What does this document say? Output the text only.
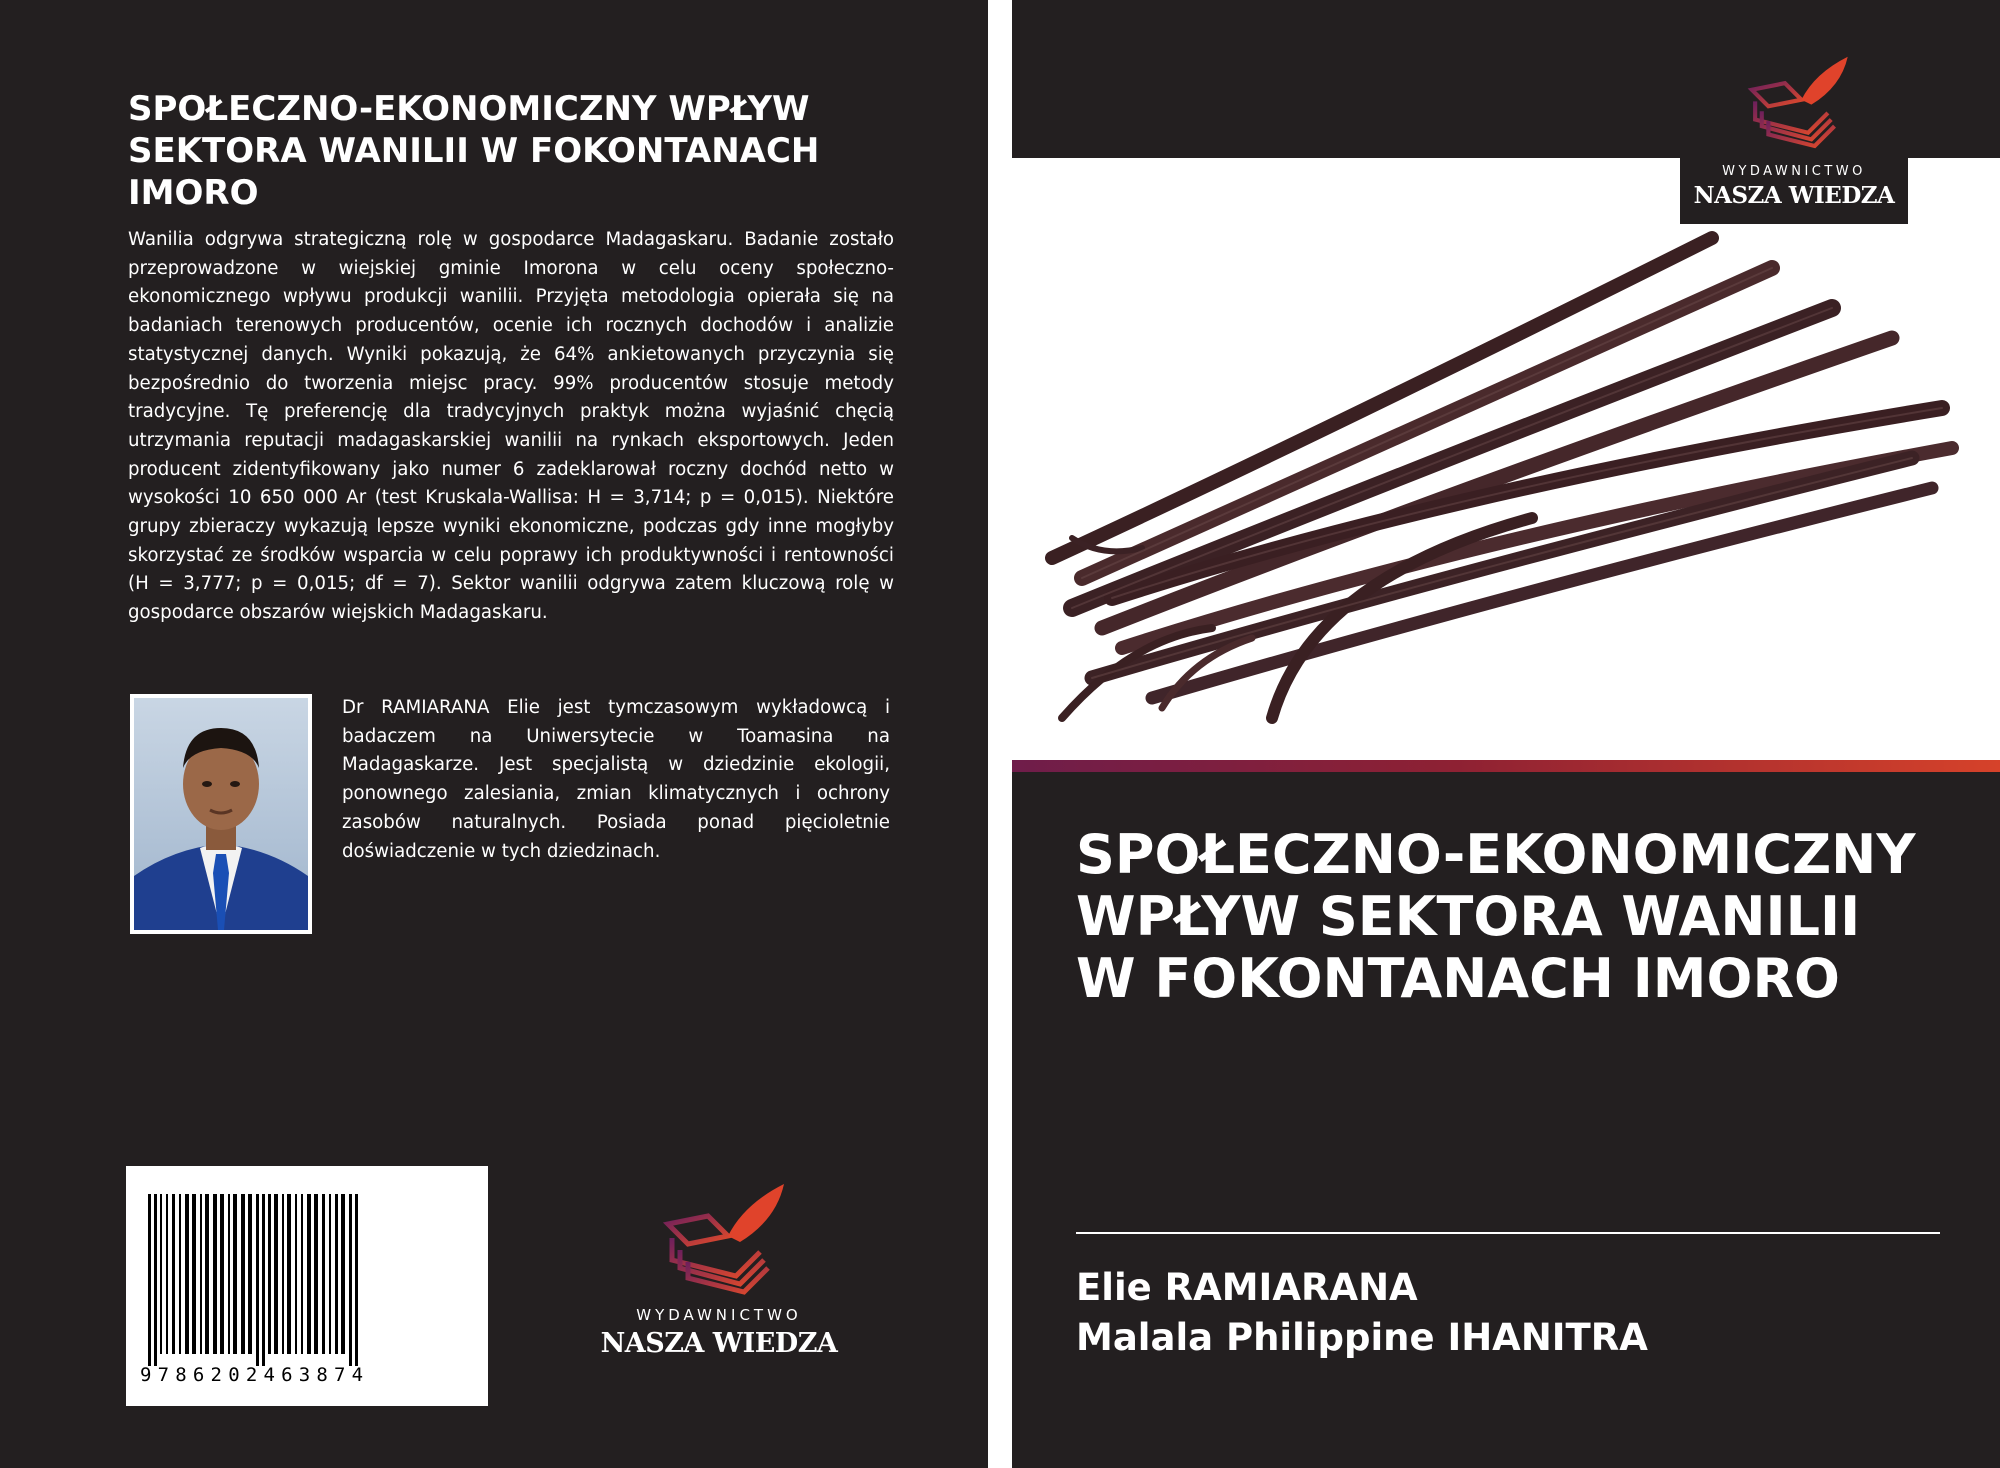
SPOŁECZNO-EKONOMICZNY WPŁYW SEKTORA WANILII W FOKONTANACH IMORO

Wanilia odgrywa strategiczną rolę w gospodarce Madagaskaru. Badanie zostało przeprowadzone w wiejskiej gminie Imorona w celu oceny społeczno-ekonomicznego wpływu produkcji wanilii. Przyjęta metodologia opierała się na badaniach terenowych producentów, ocenie ich rocznych dochodów i analizie statystycznej danych. Wyniki pokazują, że 64% ankietowanych przyczynia się bezpośrednio do tworzenia miejsc pracy. 99% producentów stosuje metody tradycyjne. Tę preferencję dla tradycyjnych praktyk można wyjaśnić chęcią utrzymania reputacji madagaskarskiej wanilii na rynkach eksportowych. Jeden producent zidentyfikowany jako numer 6 zadeklarował roczny dochód netto w wysokości 10 650 000 Ar (test Kruskala-Wallisa: H = 3,714; p = 0,015). Niektóre grupy zbieraczy wykazują lepsze wyniki ekonomiczne, podczas gdy inne mogłyby skorzystać ze środków wsparcia w celu poprawy ich produktywności i rentowności (H = 3,777; p = 0,015; df = 7). Sektor wanilii odgrywa zatem kluczową rolę w gospodarce obszarów wiejskich Madagaskaru.

Dr RAMIARANA Elie jest tymczasowym wykładowcą i badaczem na Uniwersytecie w Toamasina na Madagaskarze. Jest specjalistą w dziedzinie ekologii, ponownego zalesiania, zmian klimatycznych i ochrony zasobów naturalnych. Posiada ponad pięcioletnie doświadczenie w tych dziedzinach.

9786202463874
WYDAWNICTWO
NASZA WIEDZA
WYDAWNICTWO
NASZA WIEDZA
SPOŁECZNO-EKONOMICZNY WPŁYW SEKTORA WANILII W FOKONTANACH IMORO

Elie RAMIARANA

Malala Philippine IHANITRA
